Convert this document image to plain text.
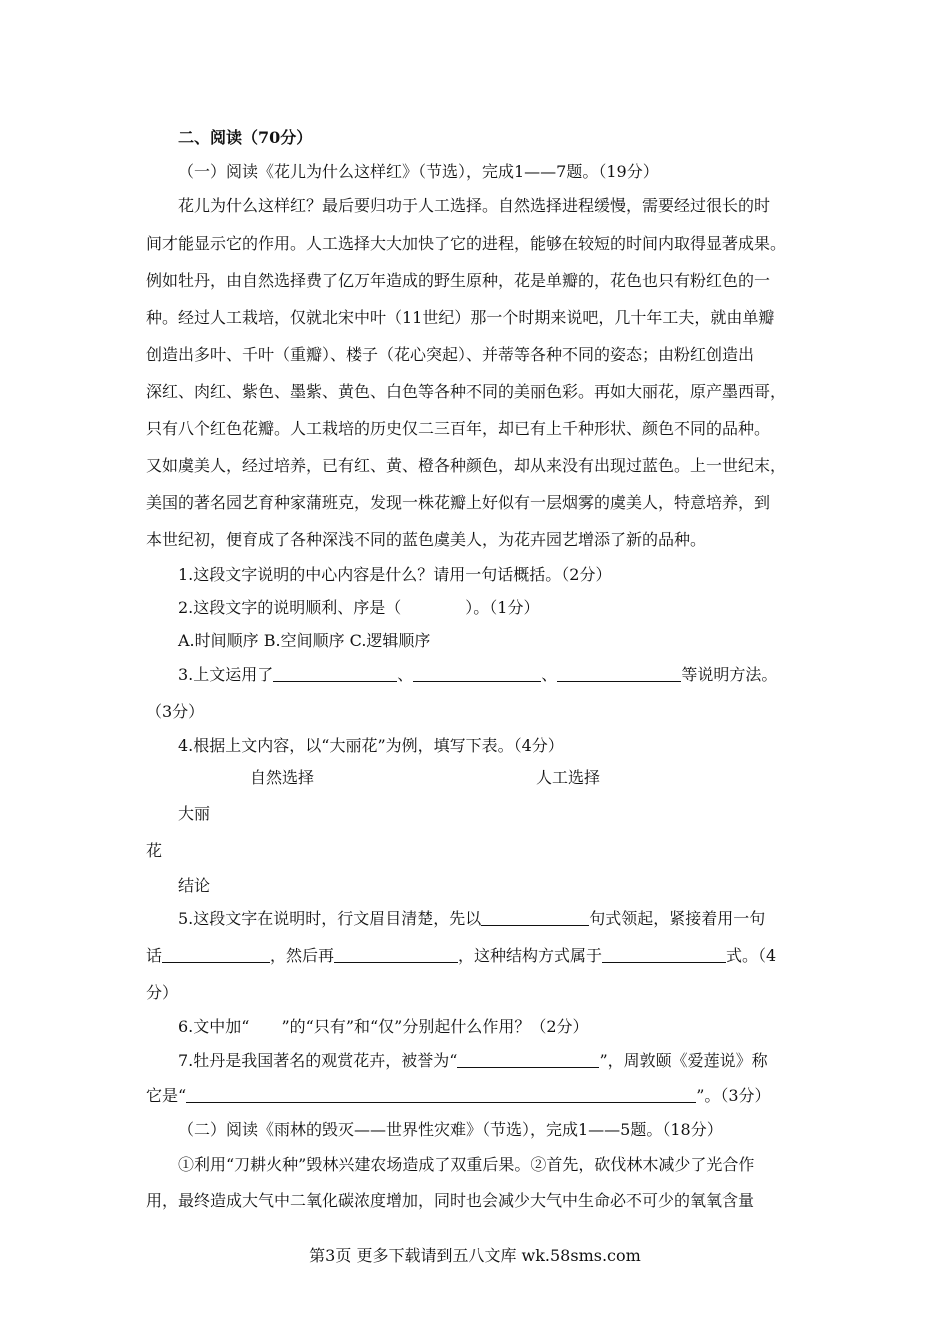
二、阅读（70分）
（一）阅读《花儿为什么这样红》（节选），完成1——7题。（19分）
花儿为什么这样红？最后要归功于人工选择。自然选择进程缓慢，需要经过很长的时
间才能显示它的作用。人工选择大大加快了它的进程，能够在较短的时间内取得显著成果。
例如牡丹，由自然选择费了亿万年造成的野生原种，花是单瓣的，花色也只有粉红色的一
种。经过人工栽培，仅就北宋中叶（11世纪）那一个时期来说吧，几十年工夫，就由单瓣
创造出多叶、千叶（重瓣）、楼子（花心突起）、并蒂等各种不同的姿态；由粉红创造出
深红、肉红、紫色、墨紫、黄色、白色等各种不同的美丽色彩。再如大丽花，原产墨西哥，
只有八个红色花瓣。人工栽培的历史仅二三百年，却已有上千种形状、颜色不同的品种。
又如虞美人，经过培养，已有红、黄、橙各种颜色，却从来没有出现过蓝色。上一世纪末，
美国的著名园艺育种家蒲班克，发现一株花瓣上好似有一层烟雾的虞美人，特意培养，到
本世纪初，便育成了各种深浅不同的蓝色虞美人，为花卉园艺增添了新的品种。
1.这段文字说明的中心内容是什么？请用一句话概括。（2分）
2.这段文字的说明顺利、序是（	）。（1分）
A.时间顺序 B.空间顺序 C.逻辑顺序
3.上文运用了	、	、	等说明方法。
（3分）
4.根据上文内容，以“大丽花”为例，填写下表。（4分）
自然选择	人工选择
大丽
花
结论
5.这段文字在说明时，行文眉目清楚，先以	句式领起，紧接着用一句
话	，然后再	，这种结构方式属于	式。（4
分）
6.文中加“ ”的“只有”和“仅”分别起什么作用？（2分）
7.牡丹是我国著名的观赏花卉，被誉为“	”，周敦颐《爱莲说》称
它是“	”。（3分）
（二）阅读《雨林的毁灭——世界性灾难》（节选），完成1——5题。（18分）
①利用“刀耕火种”毁林兴建农场造成了双重后果。②首先，砍伐林木减少了光合作
用，最终造成大气中二氧化碳浓度增加，同时也会减少大气中生命必不可少的氧氧含量
第3页 更多下载请到五八文库 wk.58sms.com
